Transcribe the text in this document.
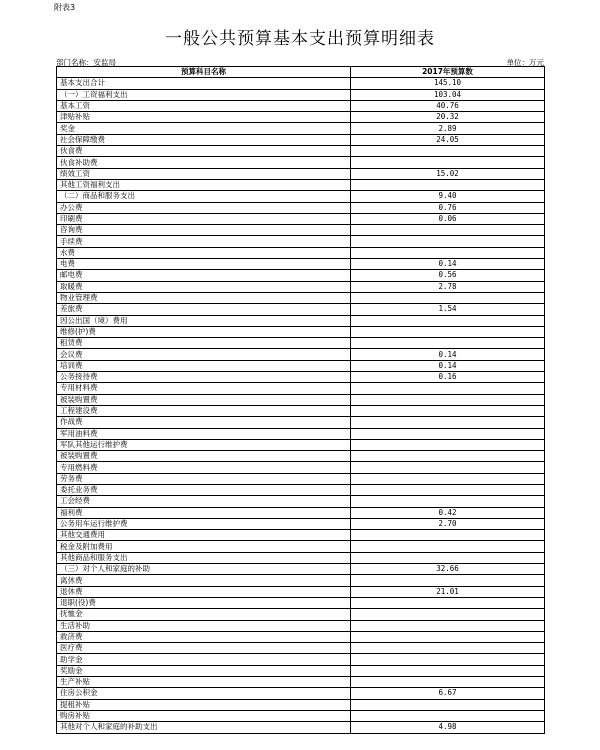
附表3
一般公共预算基本支出预算明细表
部门名称：安监局	单位：万元
预算科目名称	2017年预算数
基本支出合计	145.10
（一）工资福利支出	103.04
基本工资	40.76
津贴补贴	20.32
奖金	2.89
社会保障缴费	24.05
伙食费	
伙食补助费	
绩效工资	15.02
其他工资福利支出	
（二）商品和服务支出	9.40
办公费	0.76
印刷费	0.06
咨询费	
手续费	
水费	
电费	0.14
邮电费	0.56
取暖费	2.78
物业管理费	
差旅费	1.54
因公出国（境）费用	
维修(护)费	
租赁费	
会议费	0.14
培训费	0.14
公务接待费	0.16
专用材料费	
被装购置费	
工程建设费	
作战费	
军用油料费	
军队其他运行维护费	
被装购置费	
专用燃料费	
劳务费	
委托业务费	
工会经费	
福利费	0.42
公务用车运行维护费	2.70
其他交通费用	
税金及附加费用	
其他商品和服务支出	
（三）对个人和家庭的补助	32.66
离休费	
退休费	21.01
退职(役)费	
抚恤金	
生活补助	
救济费	
医疗费	
助学金	
奖励金	
生产补贴	
住房公积金	6.67
提租补贴	
购房补贴	
其他对个人和家庭的补助支出	4.98
